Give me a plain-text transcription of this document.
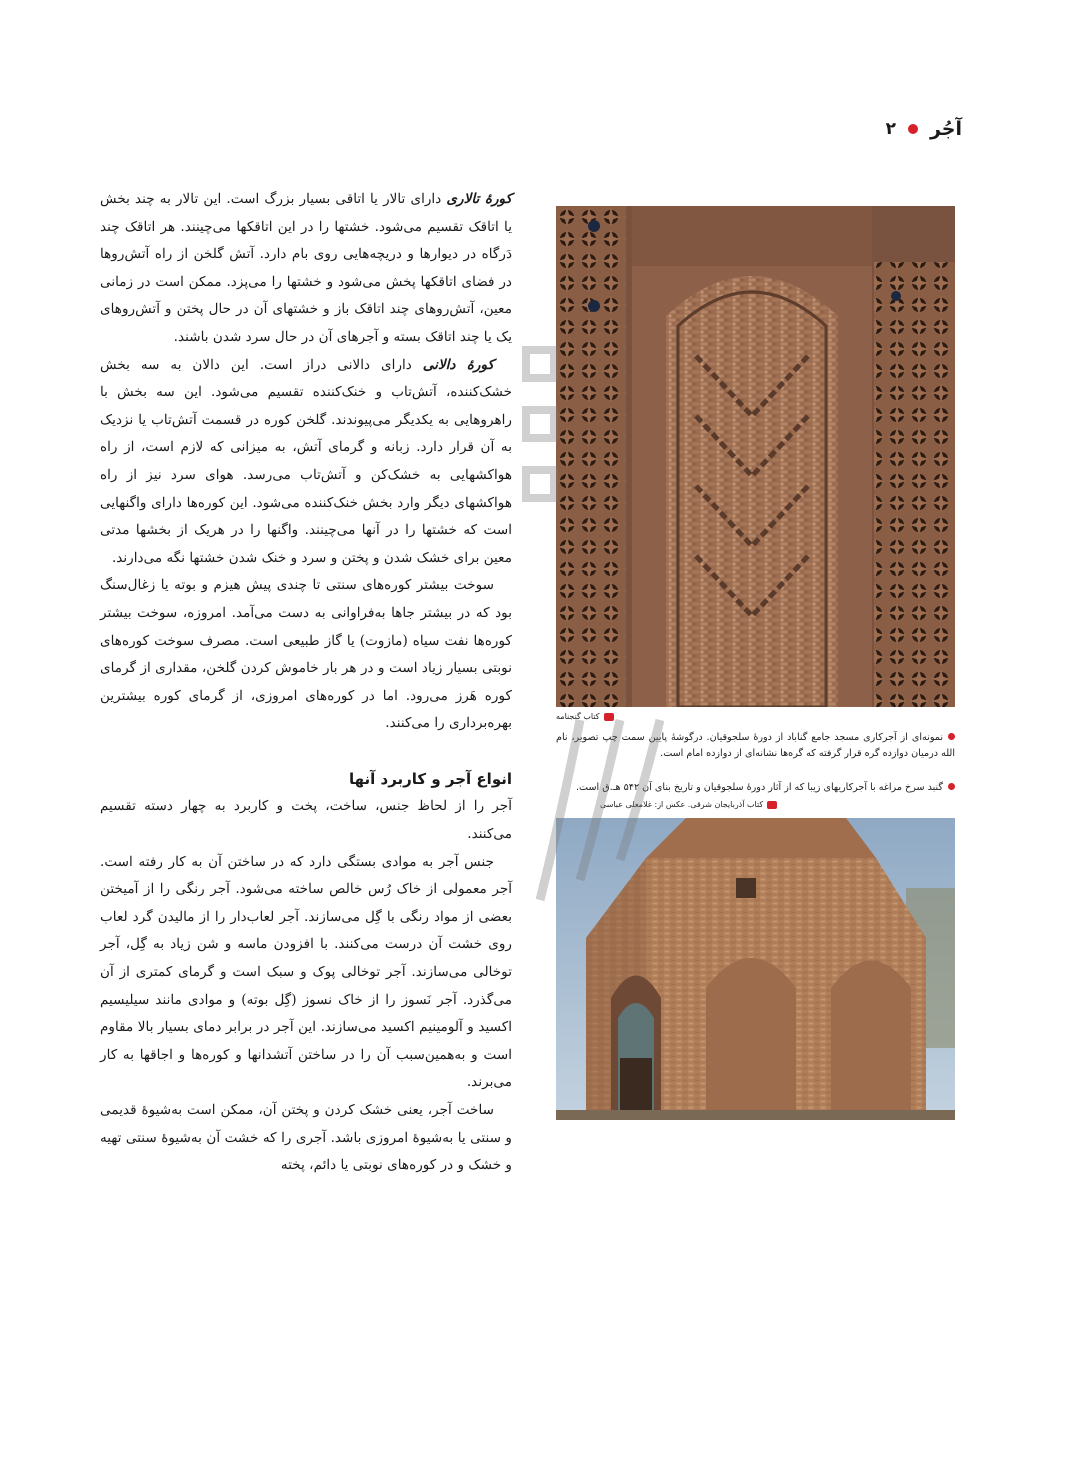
۲ آجُر

کورهٔ تالاری دارای تالار یا اتاقی بسیار بزرگ است. این تالار به چند بخش یا اتاقک تقسیم می‌شود. خشتها را در این اتاقکها می‌چینند. هر اتاقک چند دَرگاه در دیوارها و دریچه‌هایی روی بام دارد. آتش گلخن از راه آتش‌روها در فضای اتاقکها پخش می‌شود و خشتها را می‌پزد. ممکن است در زمانی معین، آتش‌روهای چند اتاقک باز و خشتهای آن در حال پختن و آتش‌روهای یک یا چند اتاقک بسته و آجرهای آن در حال سرد شدن باشند.

کورهٔ دالانی دارای دالانی دراز است. این دالان به سه بخش خشک‌کننده، آتش‌تاب و خنک‌کننده تقسیم می‌شود. این سه بخش با راهروهایی به یکدیگر می‌پیوندند. گلخن کوره در قسمت آتش‌تاب یا نزدیک به آن قرار دارد. زبانه و گرمای آتش، به میزانی که لازم است، از راه هواکشهایی به خشک‌کن و آتش‌تاب می‌رسد. هوای سرد نیز از راه هواکشهای دیگر وارد بخش خنک‌کننده می‌شود. این کوره‌ها دارای واگنهایی است که خشتها را در آنها می‌چینند. واگنها را در هریک از بخشها مدتی معین برای خشک شدن و پختن و سرد و خنک شدن خشتها نگه می‌دارند.

سوخت بیشتر کوره‌های سنتی تا چندی پیش هیزم و بوته یا زغال‌سنگ بود که در بیشتر جاها به‌فراوانی به دست می‌آمد. امروزه، سوخت بیشتر کوره‌ها نفت سیاه (مازوت) یا گاز طبیعی است. مصرف سوخت کوره‌های نوبتی بسیار زیاد است و در هر بار خاموش کردن گلخن، مقداری از گرمای کوره هَرز می‌رود. اما در کوره‌های امروزی، از گرمای کوره بیشترین بهره‌برداری را می‌کنند.

انواع آجر و کاربرد آنها

آجر را از لحاظ جنس، ساخت، پخت و کاربرد به چهار دسته تقسیم می‌کنند.

جنس آجر به موادی بستگی دارد که در ساختن آن به کار رفته است. آجر معمولی از خاک رُس خالص ساخته می‌شود. آجر رنگی را از آمیختن بعضی از مواد رنگی با گِل می‌سازند. آجر لعاب‌دار را از مالیدن گرد لعاب روی خشت آن درست می‌کنند. با افزودن ماسه و شن زیاد به گِل، آجر توخالی می‌سازند. آجر توخالی پوک و سبک است و گرمای کمتری از آن می‌گذرد. آجر نَسوز را از خاک نسوز (گِل بوته) و موادی مانند سیلیسیم اکسید و آلومینیم اکسید می‌سازند. این آجر در برابر دمای بسیار بالا مقاوم است و به‌همین‌سبب آن را در ساختن آتشدانها و کوره‌ها و اجاقها به کار می‌برند.

ساخت آجر، یعنی خشک کردن و پختن آن، ممکن است به‌شیوهٔ قدیمی و سنتی یا به‌شیوهٔ امروزی باشد. آجری را که خشت آن به‌شیوهٔ سنتی تهیه و خشک و در کوره‌های نوبتی یا دائم، پخته

کتاب گنجنامه
نمونه‌ای از آجرکاری مسجد جامع گناباد از دورهٔ سلجوقیان. درگوشهٔ پایین سمت چپ تصویر، نام الله درمیان دوازده گره قرار گرفته که گره‌ها نشانه‌ای از دوازده امام است.
گنبد سرخ مراغه با آجرکاریهای زیبا که از آثار دورهٔ سلجوقیان و تاریخ بنای آن ۵۴۲ هـ.ق است.
کتاب آذربایجان شرقی. عکس از: غلامعلی عباسی
